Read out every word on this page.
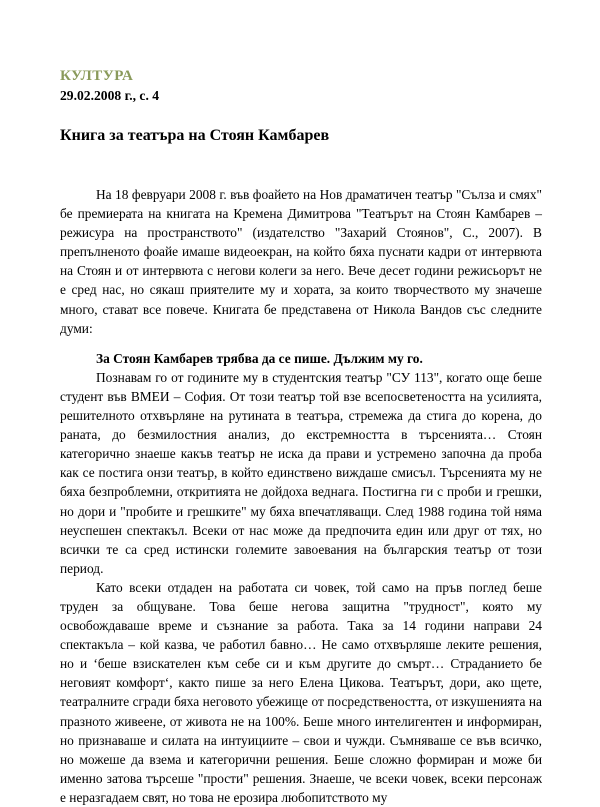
КУЛТУРА
29.02.2008 г., с. 4
Книга за театъра на Стоян Камбарев

На 18 февруари 2008 г. във фоайето на Нов драматичен театър "Сълза и смях" бе премиерата на книгата на Кремена Димитрова "Театърът на Стоян Камбарев – режисура на пространството" (издателство "Захарий Стоянов", С., 2007). В препълненото фоайе имаше видеоекран, на който бяха пуснати кадри от интервюта на Стоян и от интервюта с негови колеги за него. Вече десет години режисьорът не е сред нас, но сякаш приятелите му и хората, за които творчеството му значеше много, стават все повече. Книгата бе представена от Никола Вандов със следните думи:

За Стоян Камбарев трябва да се пише. Дължим му го.

Познавам го от годините му в студентския театър "СУ 113", когато още беше студент във ВМЕИ – София. От този театър той взе всепосветеността на усилията, решителното отхвърляне на рутината в театъра, стремежа да стига до корена, до раната, до безмилостния анализ, до екстремността в търсенията… Стоян категорично знаеше какъв театър не иска да прави и устремено започна да проба как се постига онзи театър, в който единствено виждаше смисъл. Търсенията му не бяха безпроблемни, откритията не дойдоха веднага. Постигна ги с проби и грешки, но дори и "пробите и грешките" му бяха впечатляващи. След 1988 година той няма неуспешен спектакъл. Всеки от нас може да предпочита един или друг от тях, но всички те са сред истински големите завоевания на българския театър от този период.

Като всеки отдаден на работата си човек, той само на пръв поглед беше труден за общуване. Това беше негова защитна "трудност", която му освобождаваше време и съзнание за работа. Така за 14 години направи 24 спектакъла – кой казва, че работил бавно… Не само отхвърляше леките решения, но и ‘беше взискателен към себе си и към другите до смърт… Страданието бе неговият комфорт‘, както пише за него Елена Цикова. Театърът, дори, ако щете, театралните сгради бяха неговото убежище от посредствеността, от изкушенията на празното живеене, от живота не на 100%. Беше много интелигентен и информиран, но признаваше и силата на интуициите – свои и чужди. Съмняваше се във всичко, но можеше да взема и категорични решения. Беше сложно формиран и може би именно затова търсеше "прости" решения. Знаеше, че всеки човек, всеки персонаж е неразгадаем свят, но това не ерозира любопитството му
